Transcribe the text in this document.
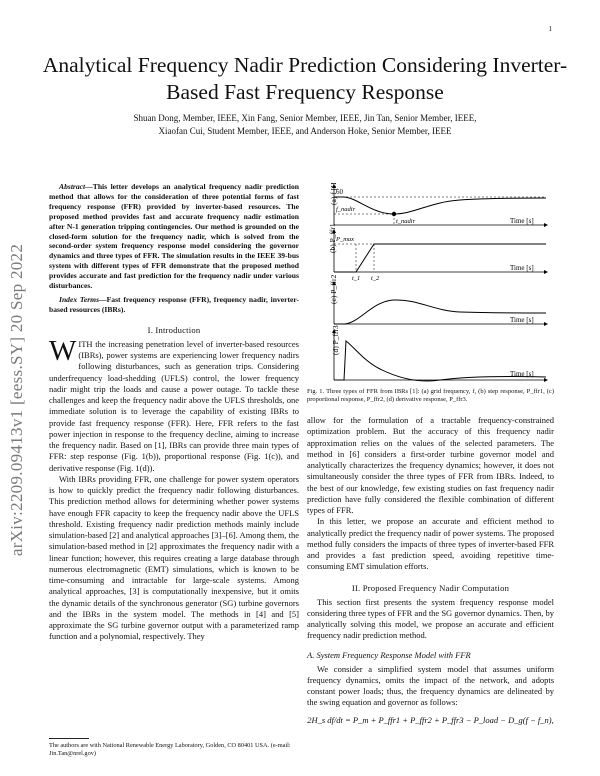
1
arXiv:2209.09413v1 [eess.SY] 20 Sep 2022
Analytical Frequency Nadir Prediction Considering Inverter-Based Fast Frequency Response
Shuan Dong, Member, IEEE, Xin Fang, Senior Member, IEEE, Jin Tan, Senior Member, IEEE,
Xiaofan Cui, Student Member, IEEE, and Anderson Hoke, Senior Member, IEEE

Abstract—This letter develops an analytical frequency nadir prediction method that allows for the consideration of three potential forms of fast frequency response (FFR) provided by inverter-based resources. The proposed method provides fast and accurate frequency nadir estimation after N-1 generation tripping contingencies. Our method is grounded on the closed-form solution for the frequency nadir, which is solved from the second-order system frequency response model considering the governor dynamics and three types of FFR. The simulation results in the IEEE 39-bus system with different types of FFR demonstrate that the proposed method provides accurate and fast prediction for the frequency nadir under various disturbances.

Index Terms—Fast frequency response (FFR), frequency nadir, inverter-based resources (IBRs).

I. Introduction

WITH the increasing penetration level of inverter-based resources (IBRs), power systems are experiencing lower frequency nadirs following disturbances, such as generation trips. Considering underfrequency load-shedding (UFLS) control, the lower frequency nadir might trip the loads and cause a power outage. To tackle these challenges and keep the frequency nadir above the UFLS thresholds, one immediate solution is to leverage the capability of existing IBRs to provide fast frequency response (FFR). Here, FFR refers to the fast power injection in response to the frequency decline, aiming to increase the frequency nadir. Based on [1], IBRs can provide three main types of FFR: step response (Fig. 1(b)), proportional response (Fig. 1(c)), and derivative response (Fig. 1(d)).

With IBRs providing FFR, one challenge for power system operators is how to quickly predict the frequency nadir following disturbances. This prediction method allows for determining whether power systems have enough FFR capacity to keep the frequency nadir above the UFLS threshold. Existing frequency nadir prediction methods mainly include simulation-based [2] and analytical approaches [3]–[6]. Among them, the simulation-based method in [2] approximates the frequency nadir with a linear function; however, this requires creating a large database through numerous electromagnetic (EMT) simulations, which is known to be time-consuming and intractable for large-scale systems. Among analytical approaches, [3] is computationally inexpensive, but it omits the dynamic details of the synchronous generator (SG) turbine governors and the IBRs in the system model. The methods in [4] and [5] approximate the SG turbine governor output with a parameterized ramp function and a polynomial, respectively. They

The authors are with National Renewable Energy Laboratory, Golden, CO 80401 USA. (e-mail: Jin.Tan@nrel.gov)
(a) f [Hz]
60
f_nadir
t_nadir	Time [s]
(b) P_ffr1 P_max
t_1 t_2
Time [s]
(c) P_ffr2
Time [s]
(d) P_ffr3
Time [s]

Fig. 1. Three types of FFR from IBRs [1]: (a) grid frequency, f, (b) step response, P_ffr1, (c) proportional response, P_ffr2, (d) derivative response, P_ffr3.

allow for the formulation of a tractable frequency-constrained optimization problem. But the accuracy of this frequency nadir approximation relies on the values of the selected parameters. The method in [6] considers a first-order turbine governor model and analytically characterizes the frequency dynamics; however, it does not simultaneously consider the three types of FFR from IBRs. Indeed, to the best of our knowledge, few existing studies on fast frequency nadir prediction have fully considered the flexible combination of different types of FFR.

In this letter, we propose an accurate and efficient method to analytically predict the frequency nadir of power systems. The proposed method fully considers the impacts of three types of inverter-based FFR and provides a fast prediction speed, avoiding repetitive time-consuming EMT simulation efforts.

II. Proposed Frequency Nadir Computation

This section first presents the system frequency response model considering three types of FFR and the SG governor dynamics. Then, by analytically solving this model, we propose an accurate and efficient frequency nadir prediction method.

A. System Frequency Response Model with FFR

We consider a simplified system model that assumes uniform frequency dynamics, omits the impact of the network, and adopts constant power loads; thus, the frequency dynamics are delineated by the swing equation and governor as follows:

2H_s df/dt = P_m + P_ffr1 + P_ffr2 + P_ffr3 − P_load − D_g(f − f_n),
